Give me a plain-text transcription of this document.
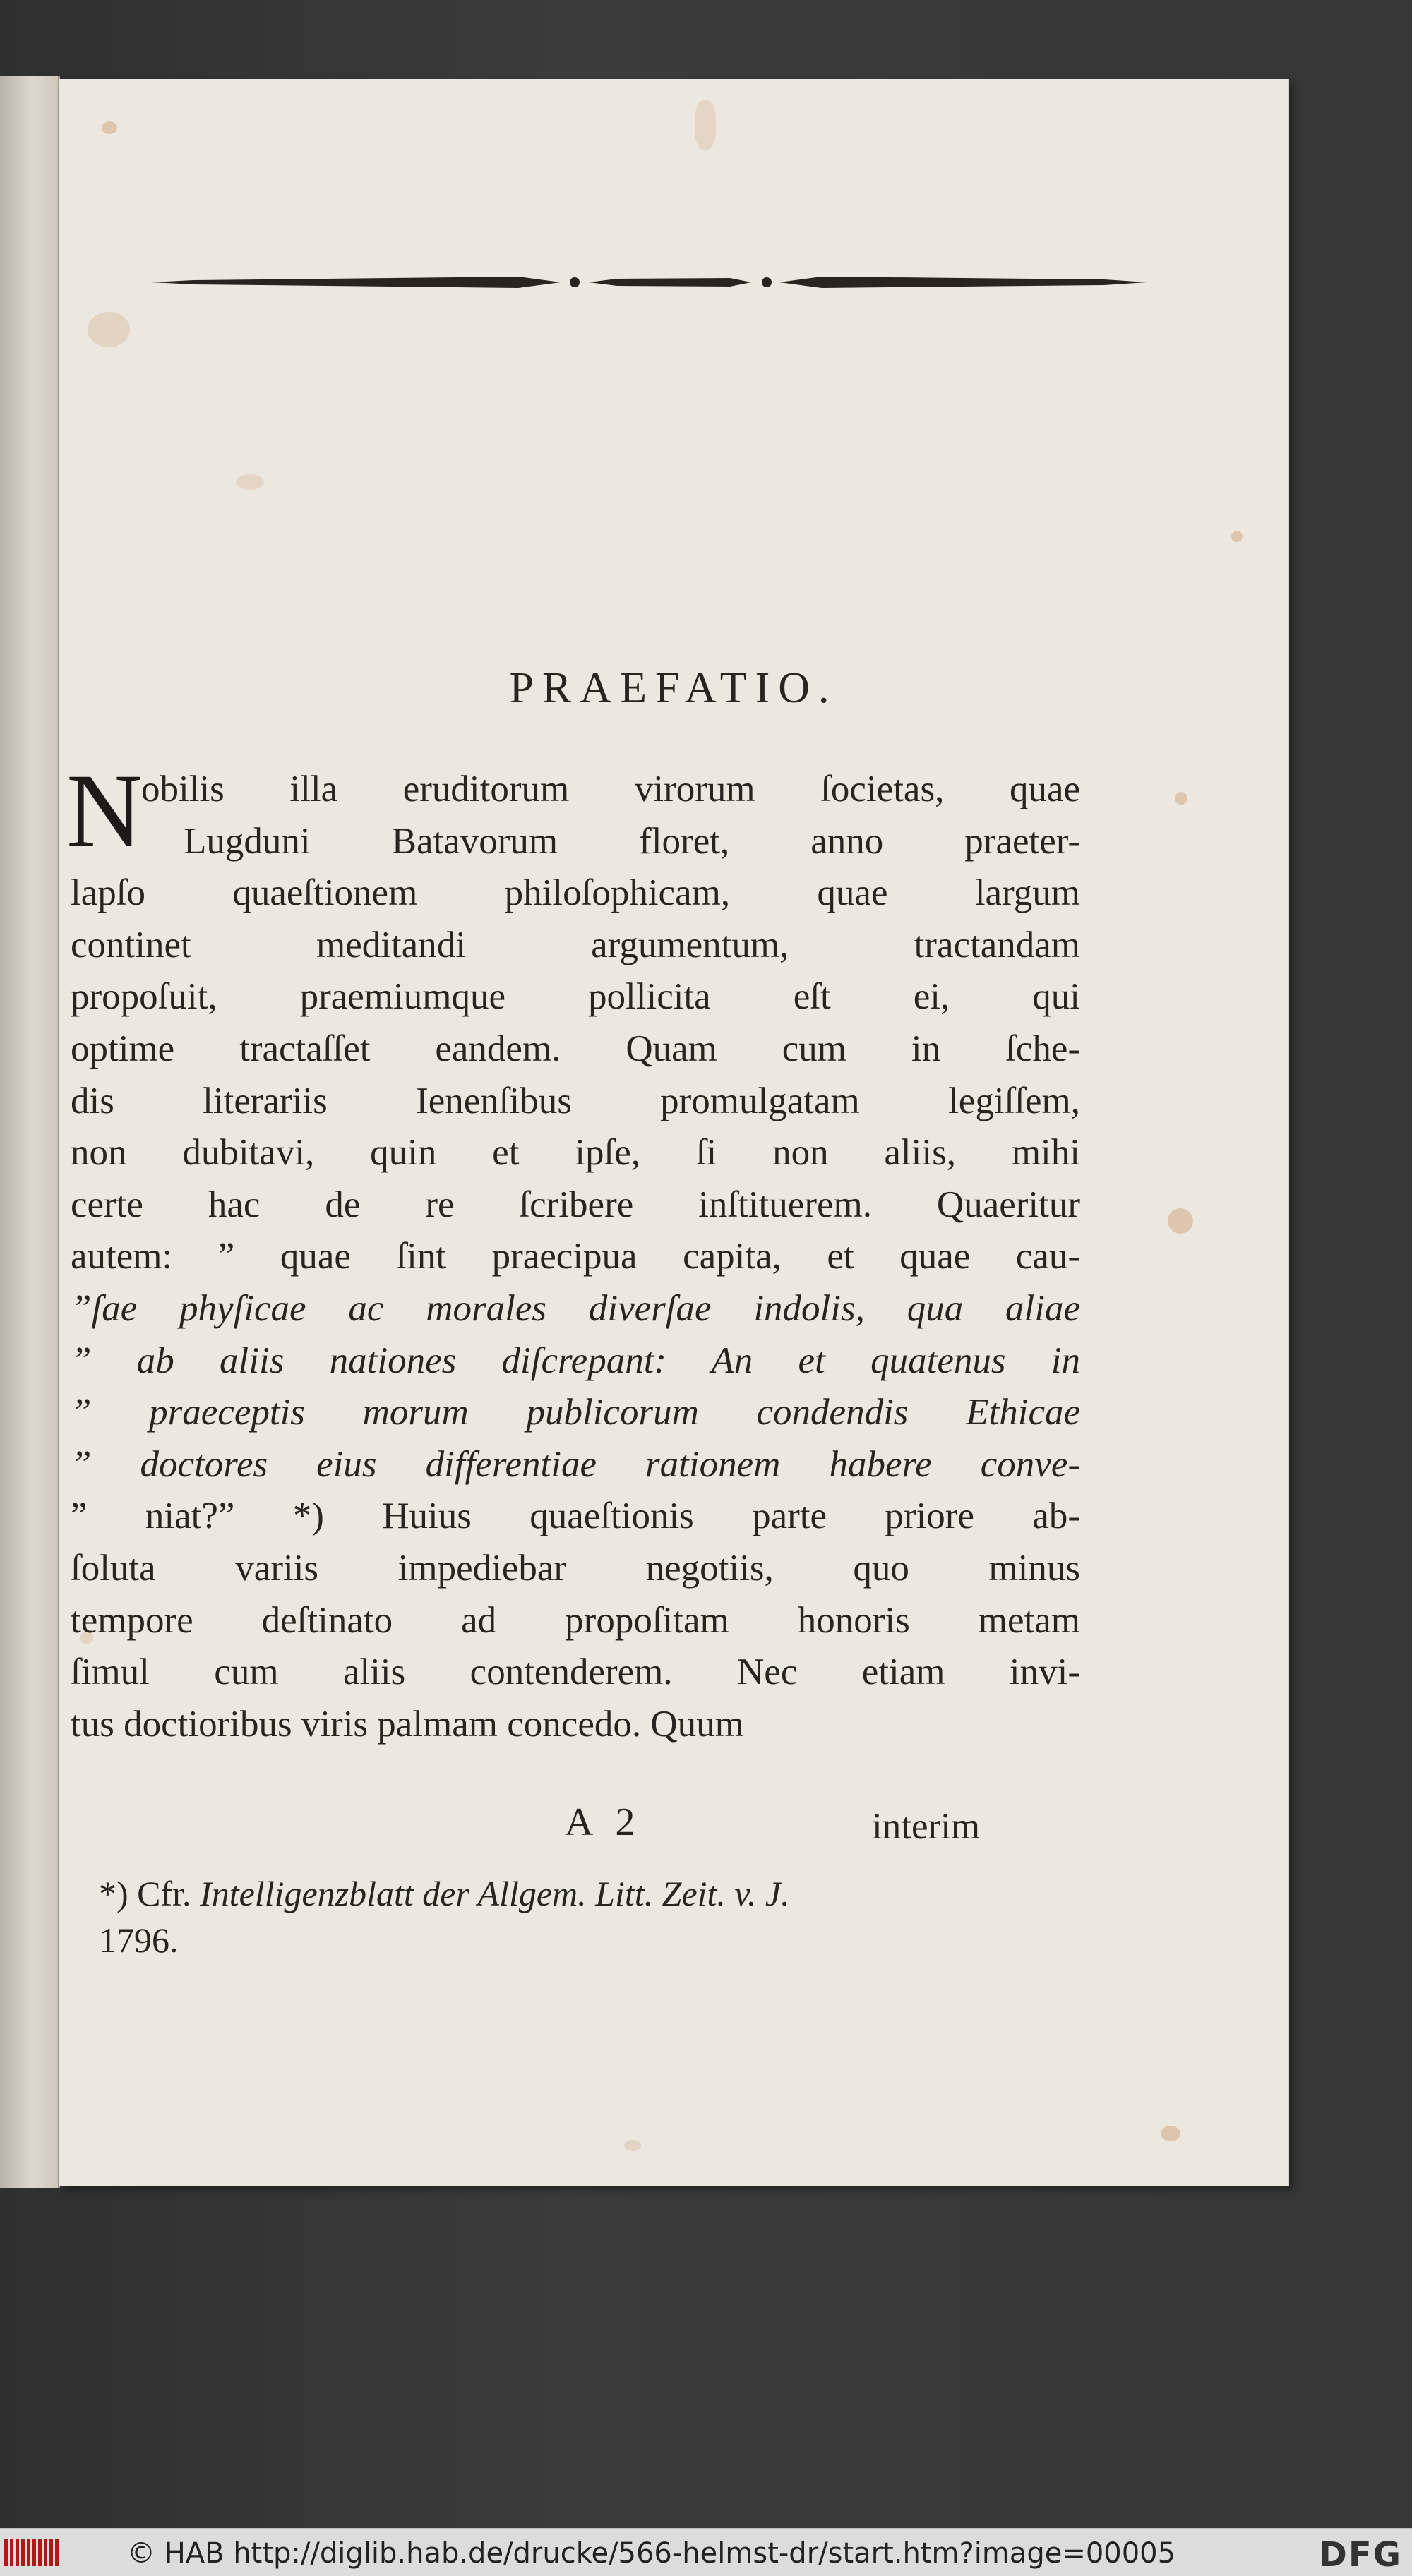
PRAEFATIO.
N
obilis illa eruditorum virorum ſocietas, quae
Lugduni Batavorum floret, anno praeter-
lapſo quaeſtionem philoſophicam, quae largum
continet meditandi argumentum, tractandam
propoſuit, praemiumque pollicita eſt ei, qui
optime tractaſſet eandem. Quam cum in ſche-
dis literariis Ienenſibus promulgatam legiſſem,
non dubitavi, quin et ipſe, ſi non aliis, mihi
certe hac de re ſcribere inſtituerem. Quaeritur
autem: ” quae ſint praecipua capita, et quae cau-
”ſae phyſicae ac morales diverſae indolis, qua aliae
” ab aliis nationes diſcrepant: An et quatenus in
” praeceptis morum publicorum condendis Ethicae
” doctores eius differentiae rationem habere conve-
” niat?” *) Huius quaeſtionis parte priore ab-
ſoluta variis impediebar negotiis, quo minus
tempore deſtinato ad propoſitam honoris metam
ſimul cum aliis contenderem. Nec etiam invi-
tus doctioribus viris palmam concedo. Quum
A 2	interim
*) Cfr. Intelligenzblatt der Allgem. Litt. Zeit. v. J.
1796.
© HAB http://diglib.hab.de/drucke/566-helmst-dr/start.htm?image=00005	DFG
